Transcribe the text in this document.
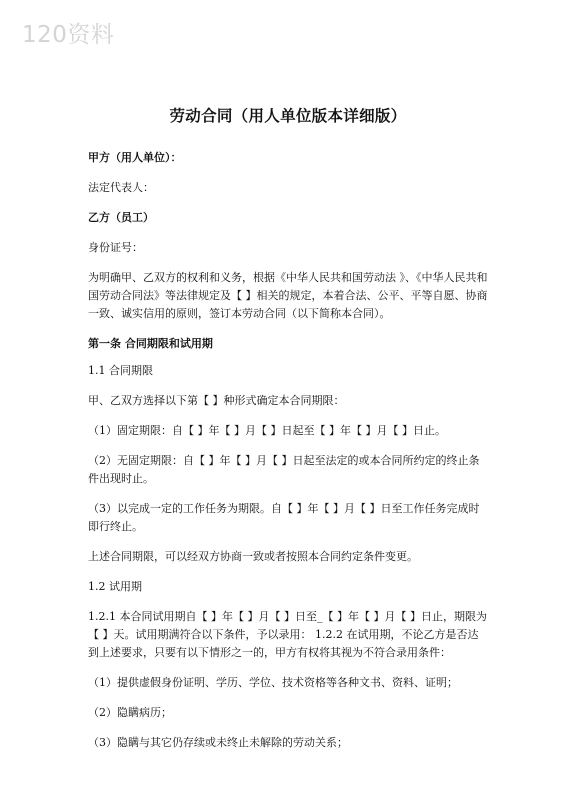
120资料
劳动合同（用人单位版本详细版）
甲方（用人单位）：
法定代表人：
乙方（员工）
身份证号：
为明确甲、乙双方的权利和义务，根据《中华人民共和国劳动法 》、《中华人民共和国劳动合同法》等法律规定及【 】相关的规定，本着合法、公平、平等自愿、协商一致、诚实信用的原则，签订本劳动合同（以下简称本合同）。
第一条 合同期限和试用期
1.1 合同期限
甲、乙双方选择以下第【 】种形式确定本合同期限：
（1）固定期限：自【 】年【 】月【 】日起至【 】年【 】月【 】日止。
（2）无固定期限：自【 】年【 】月【 】日起至法定的或本合同所约定的终止条件出现时止。
（3）以完成一定的工作任务为期限。自【 】年【 】月【 】日至工作任务完成时即行终止。
上述合同期限，可以经双方协商一致或者按照本合同约定条件变更。
1.2 试用期
1.2.1 本合同试用期自【 】年【 】月【 】日至_【 】年【 】月【 】日止，期限为【 】天。试用期满符合以下条件，予以录用： 1.2.2 在试用期，不论乙方是否达到上述要求，只要有以下情形之一的，甲方有权将其视为不符合录用条件：
（1）提供虚假身份证明、学历、学位、技术资格等各种文书、资料、证明；
（2）隐瞒病历；
（3）隐瞒与其它仍存续或未终止未解除的劳动关系；
